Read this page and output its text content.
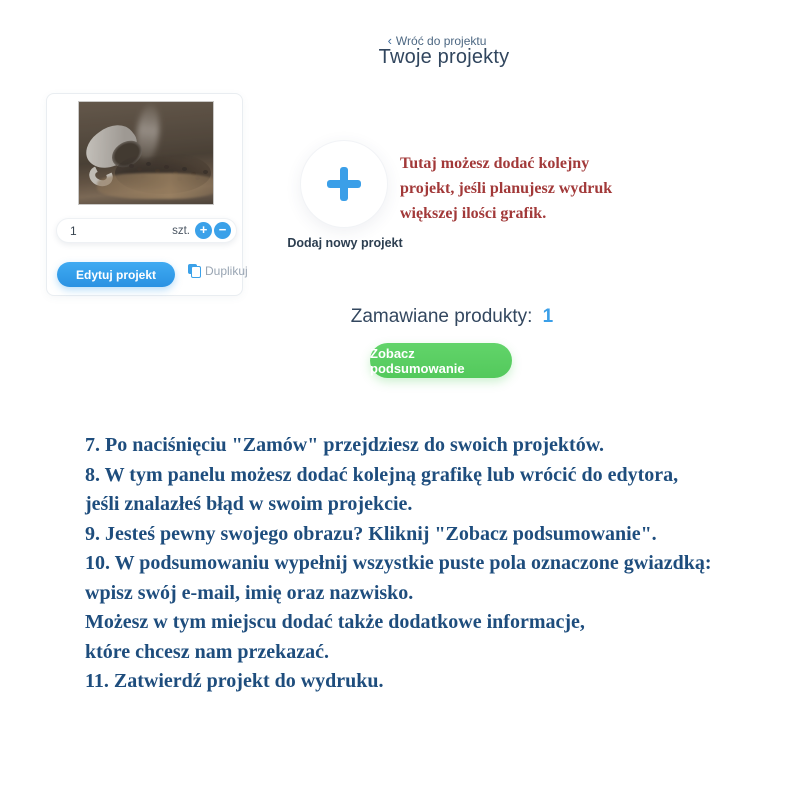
‹ Wróć do projektu
Twoje projekty
1
szt. + −
Edytuj projekt	Duplikuj
Dodaj nowy projekt
Tutaj możesz dodać kolejny
projekt, jeśli planujesz wydruk
większej ilości grafik.
Zamawiane produkty: 1
Zobacz podsumowanie
7. Po naciśnięciu "Zamów" przejdziesz do swoich projektów.
8. W tym panelu możesz dodać kolejną grafikę lub wrócić do edytora,
jeśli znalazłeś błąd w swoim projekcie.
9. Jesteś pewny swojego obrazu? Kliknij "Zobacz podsumowanie".
10. W podsumowaniu wypełnij wszystkie puste pola oznaczone gwiazdką:
wpisz swój e-mail, imię oraz nazwisko.
Możesz w tym miejscu dodać także dodatkowe informacje,
które chcesz nam przekazać.
11. Zatwierdź projekt do wydruku.
